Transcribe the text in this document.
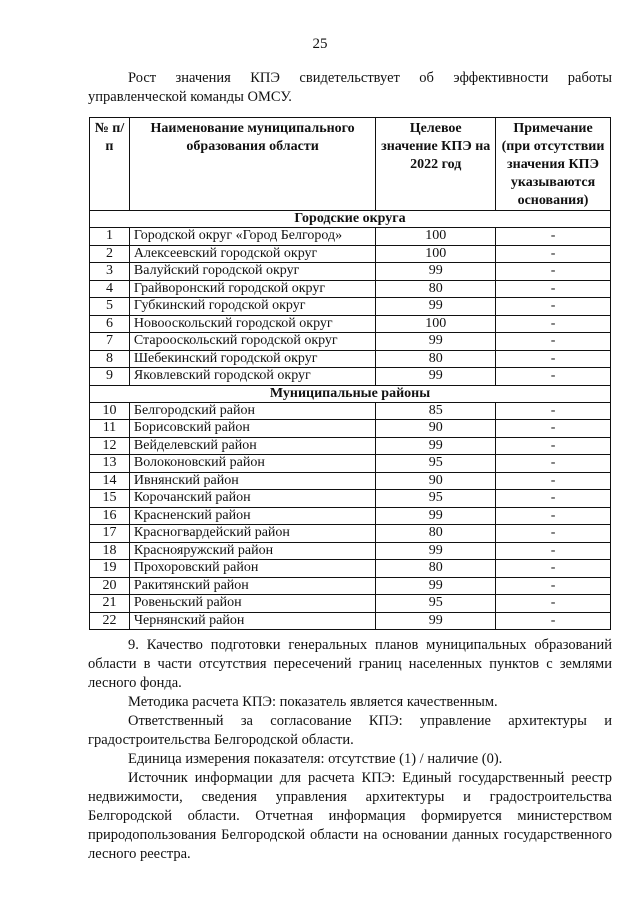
25
Рост значения КПЭ свидетельствует об эффективности работы управленческой команды ОМСУ.
№ п/п	Наименование муниципального образования области	Целевое значение КПЭ на 2022 год	Примечание (при отсутствии значения КПЭ указываются основания)
Городские округа			
1	Городской округ «Город Белгород»	100	-
2	Алексеевский городской округ	100	-
3	Валуйский городской округ	99	-
4	Грайворонский городской округ	80	-
5	Губкинский городской округ	99	-
6	Новооскольский городской округ	100	-
7	Старооскольский городской округ	99	-
8	Шебекинский городской округ	80	-
9	Яковлевский городской округ	99	-
Муниципальные районы			
10	Белгородский район	85	-
11	Борисовский район	90	-
12	Вейделевский район	99	-
13	Волоконовский район	95	-
14	Ивнянский район	90	-
15	Корочанский район	95	-
16	Красненский район	99	-
17	Красногвардейский район	80	-
18	Краснояружский район	99	-
19	Прохоровский район	80	-
20	Ракитянский район	99	-
21	Ровеньский район	95	-
22	Чернянский район	99	-

9. Качество подготовки генеральных планов муниципальных образований области в части отсутствия пересечений границ населенных пунктов с землями лесного фонда.

Методика расчета КПЭ: показатель является качественным.

Ответственный за согласование КПЭ: управление архитектуры и градостроительства Белгородской области.

Единица измерения показателя: отсутствие (1) / наличие (0).

Источник информации для расчета КПЭ: Единый государственный реестр недвижимости, сведения управления архитектуры и градостроительства Белгородской области. Отчетная информация формируется министерством природопользования Белгородской области на основании данных государственного лесного реестра.
